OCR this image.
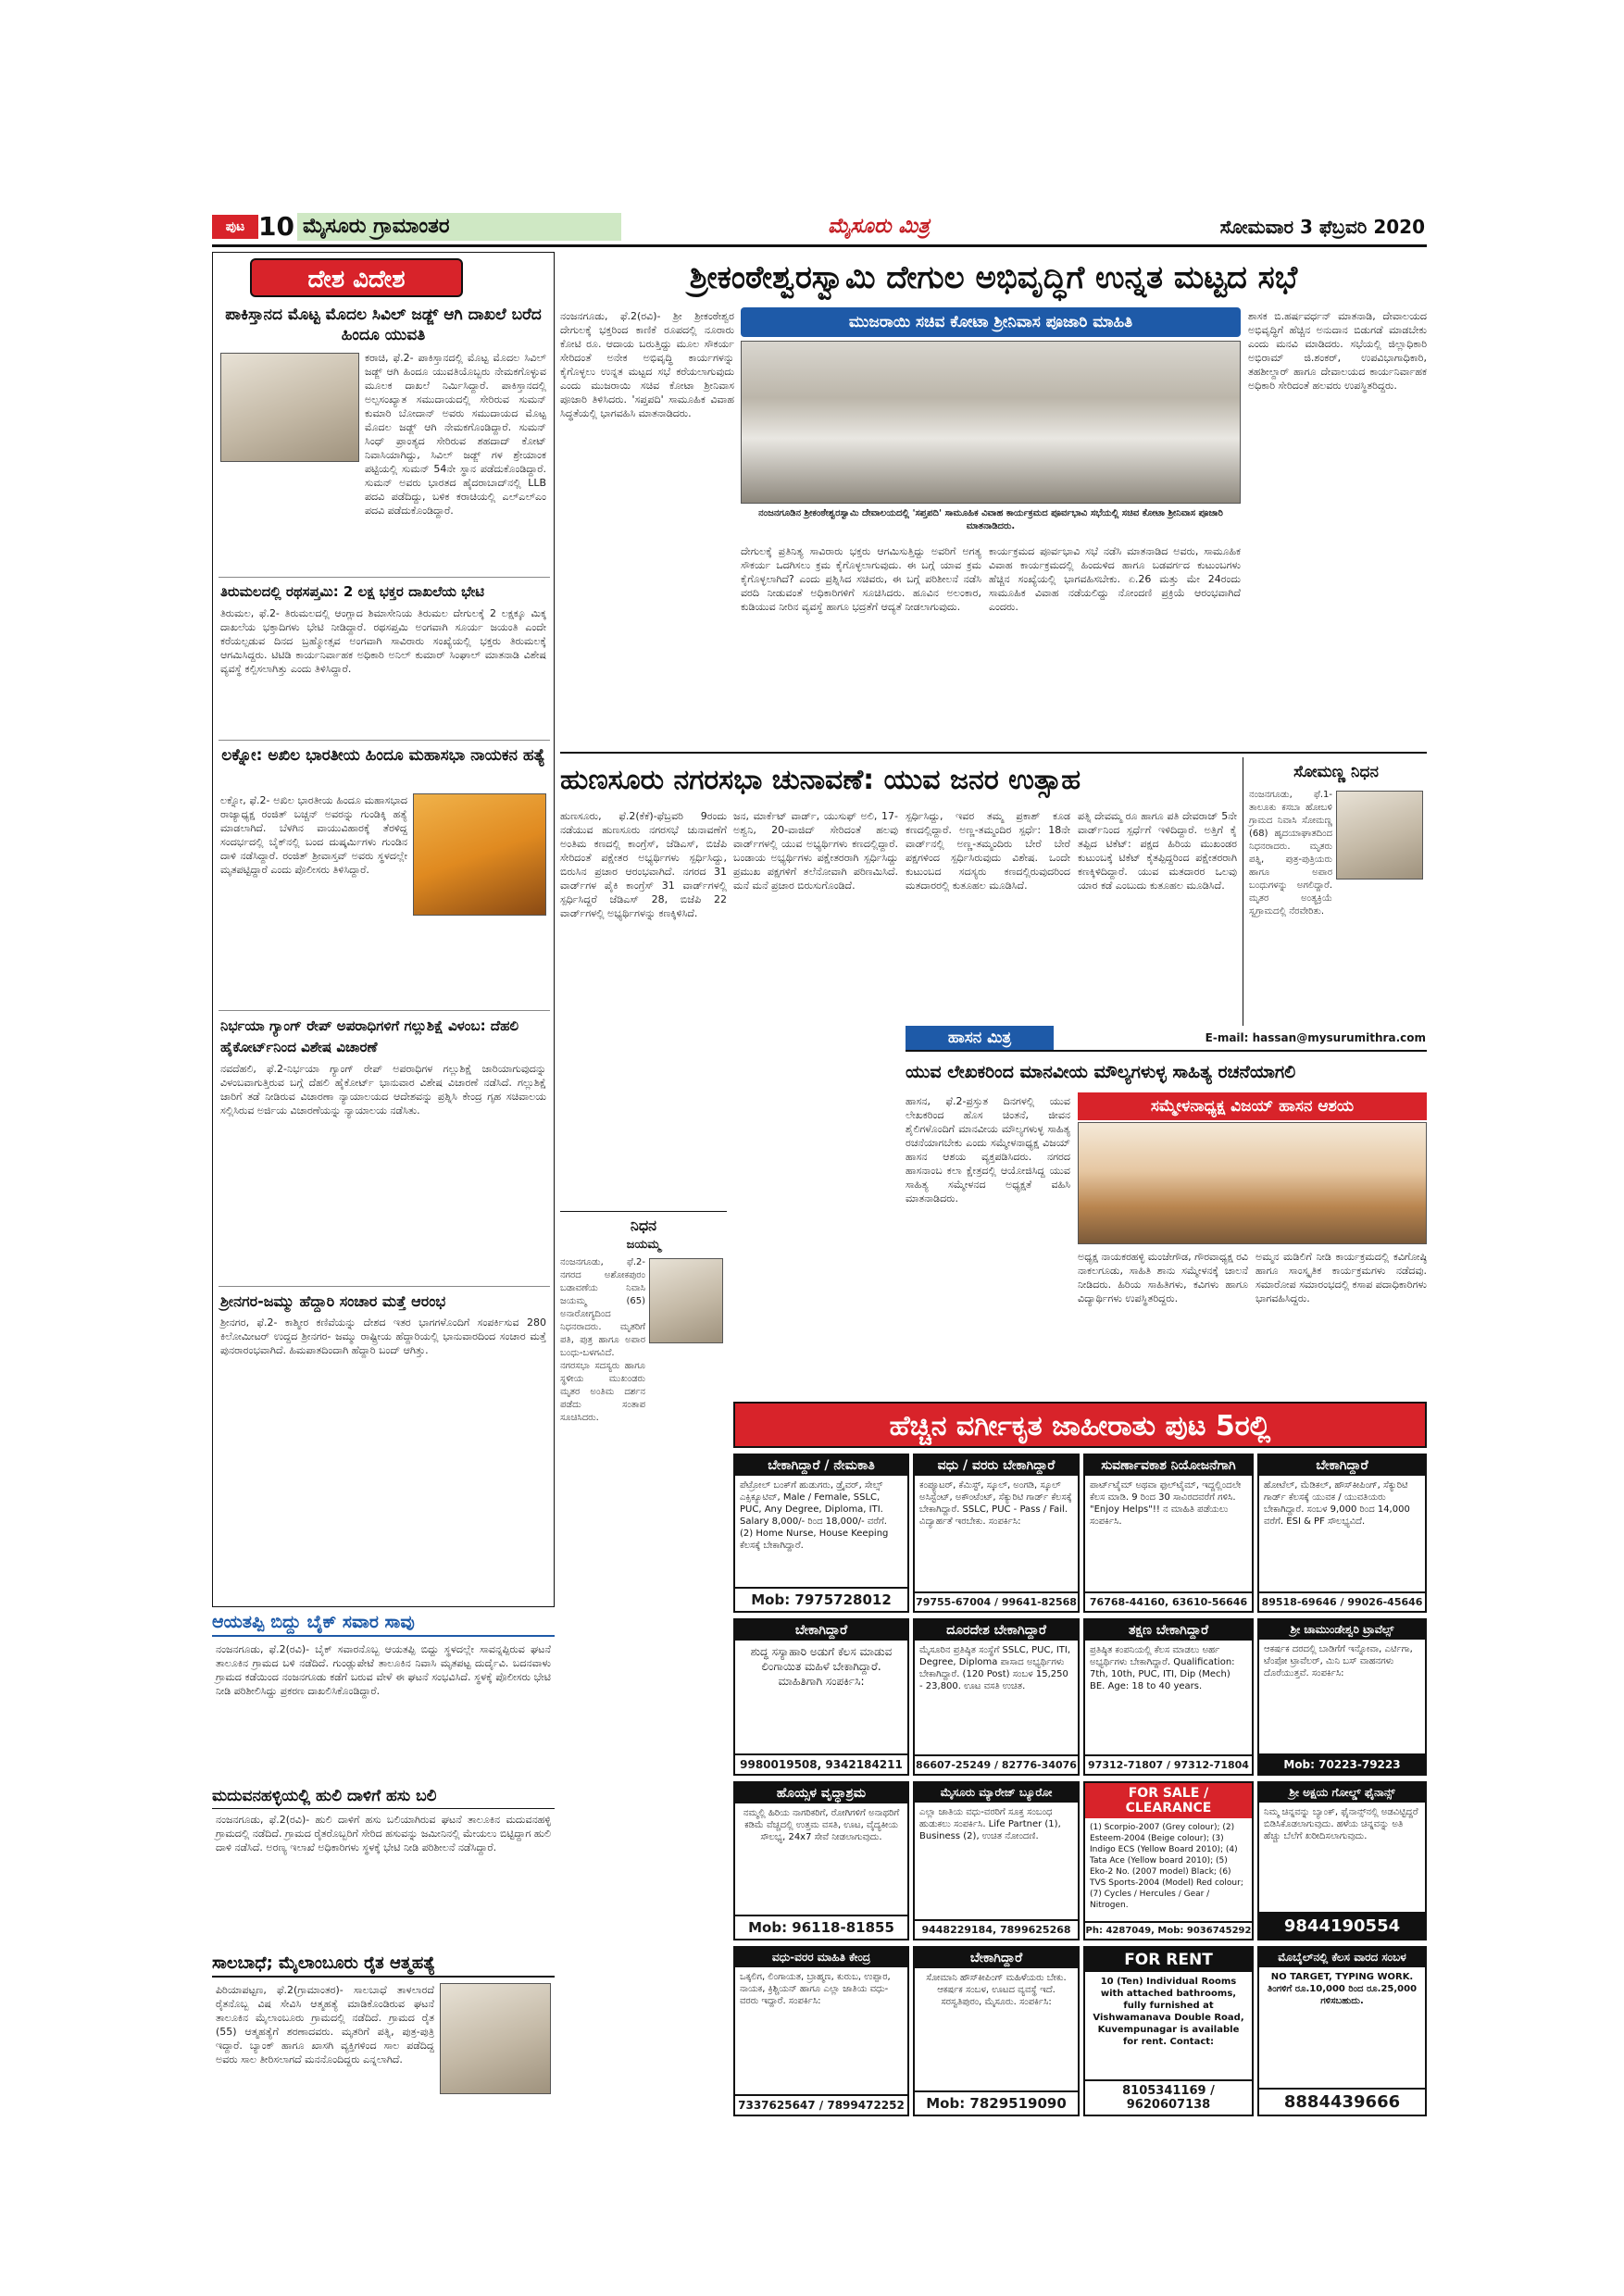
ಪುಟ 10 ಮೈಸೂರು ಗ್ರಾಮಾಂತರ	ಮೈಸೂರು ಮಿತ್ರ	ಸೋಮವಾರ 3 ಫೆಬ್ರವರಿ 2020
ದೇಶ ವಿದೇಶ
ಪಾಕಿಸ್ತಾನದ ಮೊಟ್ಟ ಮೊದಲ ಸಿವಿಲ್ ಜಡ್ಜ್ ಆಗಿ ದಾಖಲೆ ಬರೆದ ಹಿಂದೂ ಯುವತಿ
ಕರಾಚಿ, ಫೆ.2- ಪಾಕಿಸ್ತಾನದಲ್ಲಿ ಮೊಟ್ಟ ಮೊದಲ ಸಿವಿಲ್ ಜಡ್ಜ್ ಆಗಿ ಹಿಂದೂ ಯುವತಿಯೊಬ್ಬರು ನೇಮಕಗೊಳ್ಳುವ ಮೂಲಕ ದಾಖಲೆ ನಿರ್ಮಿಸಿದ್ದಾರೆ. ಪಾಕಿಸ್ತಾನದಲ್ಲಿ ಅಲ್ಪಸಂಖ್ಯಾತ ಸಮುದಾಯದಲ್ಲಿ ಸೇರಿರುವ ಸುಮನ್ ಕುಮಾರಿ ಬೋದಾನ್ ಅವರು ಸಮುದಾಯದ ಮೊಟ್ಟ ಮೊದಲ ಜಡ್ಜ್ ಆಗಿ ನೇಮಕಗೊಂಡಿದ್ದಾರೆ. ಸುಮನ್ ಸಿಂಧ್ ಪ್ರಾಂತ್ಯದ ಸೇರಿರುವ ಶಹದಾದ್ ಕೋಟ್ ನಿವಾಸಿಯಾಗಿದ್ದು, ಸಿವಿಲ್ ಜಡ್ಜ್ ಗಳ ಶ್ರೇಯಾಂಕ ಪಟ್ಟಿಯಲ್ಲಿ ಸುಮನ್ 54ನೇ ಸ್ಥಾನ ಪಡೆದುಕೊಂಡಿದ್ದಾರೆ. ಸುಮನ್ ಅವರು ಭಾರತದ ಹೈದರಾಬಾದ್‌ನಲ್ಲಿ LLB ಪದವಿ ಪಡೆದಿದ್ದು, ಬಳಿಕ ಕರಾಚಿಯಲ್ಲಿ ಎಲ್ಎಲ್ಎಂ ಪದವಿ ಪಡೆದುಕೊಂಡಿದ್ದಾರೆ.
ತಿರುಮಲದಲ್ಲಿ ರಥಸಪ್ತಮಿ: 2 ಲಕ್ಷ ಭಕ್ತರ ದಾಖಲೆಯ ಭೇಟಿ
ತಿರುಮಲ, ಫೆ.2- ತಿರುಮಲದಲ್ಲಿ ಆಂಗ್ಲಾದ ಶಿಮಾಸೇನಿಯ ತಿರುಮಲ ದೇಗುಲಕ್ಕೆ 2 ಲಕ್ಷಕ್ಕೂ ಮಿಕ್ಕ ದಾಖಲೆಯ ಭಕ್ತಾದಿಗಳು ಭೇಟಿ ನೀಡಿದ್ದಾರೆ. ರಥಸಪ್ತಮಿ ಅಂಗವಾಗಿ ಸೂರ್ಯ ಜಯಂತಿ ಎಂದೇ ಕರೆಯಲ್ಪಡುವ ದಿನದ ಬ್ರಹ್ಮೋತ್ಸವ ಅಂಗವಾಗಿ ಸಾವಿರಾರು ಸಂಖ್ಯೆಯಲ್ಲಿ ಭಕ್ತರು ತಿರುಮಲಕ್ಕೆ ಆಗಮಿಸಿದ್ದರು. ಟಿಟಿಡಿ ಕಾರ್ಯನಿರ್ವಾಹಕ ಅಧಿಕಾರಿ ಅನಿಲ್ ಕುಮಾರ್ ಸಿಂಘಾಲ್ ಮಾತನಾಡಿ ವಿಶೇಷ ವ್ಯವಸ್ಥೆ ಕಲ್ಪಿಸಲಾಗಿತ್ತು ಎಂದು ತಿಳಿಸಿದ್ದಾರೆ.
ಲಕ್ನೋ: ಅಖಿಲ ಭಾರತೀಯ ಹಿಂದೂ ಮಹಾಸಭಾ ನಾಯಕನ ಹತ್ಯೆ
ಲಕ್ನೋ, ಫೆ.2- ಅಖಿಲ ಭಾರತೀಯ ಹಿಂದೂ ಮಹಾಸಭಾದ ರಾಜ್ಯಾಧ್ಯಕ್ಷ ರಂಜಿತ್ ಬಚ್ಚನ್ ಅವರನ್ನು ಗುಂಡಿಕ್ಕಿ ಹತ್ಯೆ ಮಾಡಲಾಗಿದೆ. ಬೆಳಗಿನ ವಾಯುವಿಹಾರಕ್ಕೆ ತೆರಳಿದ್ದ ಸಂದರ್ಭದಲ್ಲಿ ಬೈಕ್‌ನಲ್ಲಿ ಬಂದ ದುಷ್ಕರ್ಮಿಗಳು ಗುಂಡಿನ ದಾಳಿ ನಡೆಸಿದ್ದಾರೆ. ರಂಜಿತ್ ಶ್ರೀವಾಸ್ತವ್ ಅವರು ಸ್ಥಳದಲ್ಲೇ ಮೃತಪಟ್ಟಿದ್ದಾರೆ ಎಂದು ಪೊಲೀಸರು ತಿಳಿಸಿದ್ದಾರೆ.
ನಿರ್ಭಯಾ ಗ್ಯಾಂಗ್ ರೇಪ್ ಅಪರಾಧಿಗಳಿಗೆ ಗಲ್ಲುಶಿಕ್ಷೆ ವಿಳಂಬ: ದೆಹಲಿ ಹೈಕೋರ್ಟ್‌ನಿಂದ ವಿಶೇಷ ವಿಚಾರಣೆ
ನವದೆಹಲಿ, ಫೆ.2-ನಿರ್ಭಯಾ ಗ್ಯಾಂಗ್ ರೇಪ್ ಅಪರಾಧಿಗಳ ಗಲ್ಲುಶಿಕ್ಷೆ ಜಾರಿಯಾಗುವುದನ್ನು ವಿಳಂಬವಾಗುತ್ತಿರುವ ಬಗ್ಗೆ ದೆಹಲಿ ಹೈಕೋರ್ಟ್ ಭಾನುವಾರ ವಿಶೇಷ ವಿಚಾರಣೆ ನಡೆಸಿದೆ. ಗಲ್ಲುಶಿಕ್ಷೆ ಜಾರಿಗೆ ತಡೆ ನೀಡಿರುವ ವಿಚಾರಣಾ ನ್ಯಾಯಾಲಯದ ಆದೇಶವನ್ನು ಪ್ರಶ್ನಿಸಿ ಕೇಂದ್ರ ಗೃಹ ಸಚಿವಾಲಯ ಸಲ್ಲಿಸಿರುವ ಅರ್ಜಿಯ ವಿಚಾರಣೆಯನ್ನು ನ್ಯಾಯಾಲಯ ನಡೆಸಿತು.
ಶ್ರೀನಗರ-ಜಮ್ಮು ಹೆದ್ದಾರಿ ಸಂಚಾರ ಮತ್ತೆ ಆರಂಭ
ಶ್ರೀನಗರ, ಫೆ.2- ಕಾಶ್ಮೀರ ಕಣಿವೆಯನ್ನು ದೇಶದ ಇತರ ಭಾಗಗಳೊಂದಿಗೆ ಸಂಪರ್ಕಿಸುವ 280 ಕಿಲೋಮೀಟರ್ ಉದ್ದದ ಶ್ರೀನಗರ- ಜಮ್ಮು ರಾಷ್ಟ್ರೀಯ ಹೆದ್ದಾರಿಯಲ್ಲಿ ಭಾನುವಾರದಿಂದ ಸಂಚಾರ ಮತ್ತೆ ಪುನರಾರಂಭವಾಗಿದೆ. ಹಿಮಪಾತದಿಂದಾಗಿ ಹೆದ್ದಾರಿ ಬಂದ್ ಆಗಿತ್ತು.
ಆಯತಪ್ಪಿ ಬಿದ್ದು ಬೈಕ್ ಸವಾರ ಸಾವು
ನಂಜನಗೂಡು, ಫೆ.2(ರವಿ)- ಬೈಕ್ ಸವಾರನೊಬ್ಬ ಆಯತಪ್ಪಿ ಬಿದ್ದು ಸ್ಥಳದಲ್ಲೇ ಸಾವನ್ನಪ್ಪಿರುವ ಘಟನೆ ತಾಲೂಕಿನ ಗ್ರಾಮದ ಬಳಿ ನಡೆದಿದೆ. ಗುಂಡ್ಲುಪೇಟೆ ತಾಲೂಕಿನ ನಿವಾಸಿ ಮೃತಪಟ್ಟ ದುರ್ದೈವಿ. ಬದನವಾಳು ಗ್ರಾಮದ ಕಡೆಯಿಂದ ನಂಜನಗೂಡು ಕಡೆಗೆ ಬರುವ ವೇಳೆ ಈ ಘಟನೆ ಸಂಭವಿಸಿದೆ. ಸ್ಥಳಕ್ಕೆ ಪೊಲೀಸರು ಭೇಟಿ ನೀಡಿ ಪರಿಶೀಲಿಸಿದ್ದು ಪ್ರಕರಣ ದಾಖಲಿಸಿಕೊಂಡಿದ್ದಾರೆ.
ಮದುವನಹಳ್ಳಿಯಲ್ಲಿ ಹುಲಿ ದಾಳಿಗೆ ಹಸು ಬಲಿ
ನಂಜನಗೂಡು, ಫೆ.2(ರವಿ)- ಹುಲಿ ದಾಳಿಗೆ ಹಸು ಬಲಿಯಾಗಿರುವ ಘಟನೆ ತಾಲೂಕಿನ ಮದುವನಹಳ್ಳಿ ಗ್ರಾಮದಲ್ಲಿ ನಡೆದಿದೆ. ಗ್ರಾಮದ ರೈತರೊಬ್ಬರಿಗೆ ಸೇರಿದ ಹಸುವನ್ನು ಜಮೀನಿನಲ್ಲಿ ಮೇಯಲು ಬಿಟ್ಟಿದ್ದಾಗ ಹುಲಿ ದಾಳಿ ನಡೆಸಿದೆ. ಅರಣ್ಯ ಇಲಾಖೆ ಅಧಿಕಾರಿಗಳು ಸ್ಥಳಕ್ಕೆ ಭೇಟಿ ನೀಡಿ ಪರಿಶೀಲನೆ ನಡೆಸಿದ್ದಾರೆ.
ಸಾಲಬಾಧೆ; ಮೈಲಾಂಬೂರು ರೈತ ಆತ್ಮಹತ್ಯೆ
ಪಿರಿಯಾಪಟ್ಟಣ, ಫೆ.2(ಗ್ರಾಮಾಂತರ)- ಸಾಲಬಾಧೆ ತಾಳಲಾರದೆ ರೈತನೊಬ್ಬ ವಿಷ ಸೇವಿಸಿ ಆತ್ಮಹತ್ಯೆ ಮಾಡಿಕೊಂಡಿರುವ ಘಟನೆ ತಾಲೂಕಿನ ಮೈಲಾಂಬೂರು ಗ್ರಾಮದಲ್ಲಿ ನಡೆದಿದೆ. ಗ್ರಾಮದ ರೈತ (55) ಆತ್ಮಹತ್ಯೆಗೆ ಶರಣಾದವರು. ಮೃತರಿಗೆ ಪತ್ನಿ, ಪುತ್ರ-ಪುತ್ರಿ ಇದ್ದಾರೆ. ಬ್ಯಾಂಕ್ ಹಾಗೂ ಖಾಸಗಿ ವ್ಯಕ್ತಿಗಳಿಂದ ಸಾಲ ಪಡೆದಿದ್ದ ಅವರು ಸಾಲ ತೀರಿಸಲಾಗದೆ ಮನನೊಂದಿದ್ದರು ಎನ್ನಲಾಗಿದೆ.
ಶ್ರೀಕಂಠೇಶ್ವರಸ್ವಾಮಿ ದೇಗುಲ ಅಭಿವೃದ್ಧಿಗೆ ಉನ್ನತ ಮಟ್ಟದ ಸಭೆ
ಮುಜರಾಯಿ ಸಚಿವ ಕೋಟಾ ಶ್ರೀನಿವಾಸ ಪೂಜಾರಿ ಮಾಹಿತಿ
ನಂಜನಗೂಡಿನ ಶ್ರೀಕಂಠೇಶ್ವರಸ್ವಾಮಿ ದೇವಾಲಯದಲ್ಲಿ 'ಸಪ್ತಪದಿ' ಸಾಮೂಹಿಕ ವಿವಾಹ ಕಾರ್ಯಕ್ರಮದ ಪೂರ್ವಭಾವಿ ಸಭೆಯಲ್ಲಿ ಸಚಿವ ಕೋಟಾ ಶ್ರೀನಿವಾಸ ಪೂಜಾರಿ ಮಾತನಾಡಿದರು.
ನಂಜನಗೂಡು, ಫೆ.2(ರವಿ)- ಶ್ರೀ ಶ್ರೀಕಂಠೇಶ್ವರ ದೇಗುಲಕ್ಕೆ ಭಕ್ತರಿಂದ ಕಾಣಿಕೆ ರೂಪದಲ್ಲಿ ನೂರಾರು ಕೋಟಿ ರೂ. ಆದಾಯ ಬರುತ್ತಿದ್ದು ಮೂಲ ಸೌಕರ್ಯ ಸೇರಿದಂತೆ ಅನೇಕ ಅಭಿವೃದ್ಧಿ ಕಾರ್ಯಗಳನ್ನು ಕೈಗೊಳ್ಳಲು ಉನ್ನತ ಮಟ್ಟದ ಸಭೆ ಕರೆಯಲಾಗುವುದು ಎಂದು ಮುಜರಾಯಿ ಸಚಿವ ಕೋಟಾ ಶ್ರೀನಿವಾಸ ಪೂಜಾರಿ ತಿಳಿಸಿದರು. 'ಸಪ್ತಪದಿ' ಸಾಮೂಹಿಕ ವಿವಾಹ ಸಿದ್ಧತೆಯಲ್ಲಿ ಭಾಗವಹಿಸಿ ಮಾತನಾಡಿದರು.
ದೇಗುಲಕ್ಕೆ ಪ್ರತಿನಿತ್ಯ ಸಾವಿರಾರು ಭಕ್ತರು ಆಗಮಿಸುತ್ತಿದ್ದು ಅವರಿಗೆ ಅಗತ್ಯ ಸೌಕರ್ಯ ಒದಗಿಸಲು ಕ್ರಮ ಕೈಗೊಳ್ಳಲಾಗುವುದು. ಈ ಬಗ್ಗೆ ಯಾವ ಕ್ರಮ ಕೈಗೊಳ್ಳಲಾಗಿದೆ? ಎಂದು ಪ್ರಶ್ನಿಸಿದ ಸಚಿವರು, ಈ ಬಗ್ಗೆ ಪರಿಶೀಲನೆ ನಡೆಸಿ ವರದಿ ನೀಡುವಂತೆ ಅಧಿಕಾರಿಗಳಿಗೆ ಸೂಚಿಸಿದರು. ಹೂವಿನ ಅಲಂಕಾರ, ಕುಡಿಯುವ ನೀರಿನ ವ್ಯವಸ್ಥೆ ಹಾಗೂ ಭದ್ರತೆಗೆ ಆದ್ಯತೆ ನೀಡಲಾಗುವುದು.
ಕಾರ್ಯಕ್ರಮದ ಪೂರ್ವಭಾವಿ ಸಭೆ ನಡೆಸಿ ಮಾತನಾಡಿದ ಅವರು, ಸಾಮೂಹಿಕ ವಿವಾಹ ಕಾರ್ಯಕ್ರಮದಲ್ಲಿ ಹಿಂದುಳಿದ ಹಾಗೂ ಬಡವರ್ಗದ ಕುಟುಂಬಗಳು ಹೆಚ್ಚಿನ ಸಂಖ್ಯೆಯಲ್ಲಿ ಭಾಗವಹಿಸಬೇಕು. ಏ.26 ಮತ್ತು ಮೇ 24ರಂದು ಸಾಮೂಹಿಕ ವಿವಾಹ ನಡೆಯಲಿದ್ದು ನೋಂದಣಿ ಪ್ರಕ್ರಿಯೆ ಆರಂಭವಾಗಿದೆ ಎಂದರು.
ಶಾಸಕ ಬಿ.ಹರ್ಷವರ್ಧನ್ ಮಾತನಾಡಿ, ದೇವಾಲಯದ ಅಭಿವೃದ್ಧಿಗೆ ಹೆಚ್ಚಿನ ಅನುದಾನ ಬಿಡುಗಡೆ ಮಾಡಬೇಕು ಎಂದು ಮನವಿ ಮಾಡಿದರು. ಸಭೆಯಲ್ಲಿ ಜಿಲ್ಲಾಧಿಕಾರಿ ಅಭಿರಾಮ್ ಜಿ.ಶಂಕರ್, ಉಪವಿಭಾಗಾಧಿಕಾರಿ, ತಹಶೀಲ್ದಾರ್ ಹಾಗೂ ದೇವಾಲಯದ ಕಾರ್ಯನಿರ್ವಾಹಕ ಅಧಿಕಾರಿ ಸೇರಿದಂತೆ ಹಲವರು ಉಪಸ್ಥಿತರಿದ್ದರು.
ಹುಣಸೂರು ನಗರಸಭಾ ಚುನಾವಣೆ: ಯುವ ಜನರ ಉತ್ಸಾಹ
ಹುಣಸೂರು, ಫೆ.2(ಕೆಕೆ)-ಫೆಬ್ರವರಿ 9ರಂದು ನಡೆಯುವ ಹುಣಸೂರು ನಗರಸಭೆ ಚುನಾವಣೆಗೆ ಅಂತಿಮ ಕಣದಲ್ಲಿ ಕಾಂಗ್ರೆಸ್, ಜೆಡಿಎಸ್, ಬಿಜೆಪಿ ಸೇರಿದಂತೆ ಪಕ್ಷೇತರ ಅಭ್ಯರ್ಥಿಗಳು ಸ್ಪರ್ಧಿಸಿದ್ದು, ಬಿರುಸಿನ ಪ್ರಚಾರ ಆರಂಭವಾಗಿದೆ. ನಗರದ 31 ವಾರ್ಡ್‌ಗಳ ಪೈಕಿ ಕಾಂಗ್ರೆಸ್ 31 ವಾರ್ಡ್‌ಗಳಲ್ಲಿ ಸ್ಪರ್ಧಿಸಿದ್ದರೆ ಜೆಡಿಎಸ್ 28, ಬಿಜೆಪಿ 22 ವಾರ್ಡ್‌ಗಳಲ್ಲಿ ಅಭ್ಯರ್ಥಿಗಳನ್ನು ಕಣಕ್ಕಿಳಿಸಿದೆ.
ಜನ, ಮಾರ್ಕೆಟ್ ವಾರ್ಡ್, ಯುಸುಫ್ ಅಲಿ, 17-ಅಶ್ವನಿ, 20-ವಾಜಿದ್ ಸೇರಿದಂತೆ ಹಲವು ವಾರ್ಡ್‌ಗಳಲ್ಲಿ ಯುವ ಅಭ್ಯರ್ಥಿಗಳು ಕಣದಲ್ಲಿದ್ದಾರೆ. ಬಂಡಾಯ ಅಭ್ಯರ್ಥಿಗಳು ಪಕ್ಷೇತರರಾಗಿ ಸ್ಪರ್ಧಿಸಿದ್ದು ಪ್ರಮುಖ ಪಕ್ಷಗಳಿಗೆ ತಲೆನೋವಾಗಿ ಪರಿಣಮಿಸಿದೆ. ಮನೆ ಮನೆ ಪ್ರಚಾರ ಬಿರುಸುಗೊಂಡಿದೆ.
ಸ್ಪರ್ಧಿಸಿದ್ದು, ಇವರ ತಮ್ಮ ಪ್ರಕಾಶ್ ಕೂಡ ಕಣದಲ್ಲಿದ್ದಾರೆ. ಅಣ್ಣ-ತಮ್ಮಂದಿರ ಸ್ಪರ್ಧೆ: 18ನೇ ವಾರ್ಡ್‌ನಲ್ಲಿ ಅಣ್ಣ-ತಮ್ಮಂದಿರು ಬೇರೆ ಬೇರೆ ಪಕ್ಷಗಳಿಂದ ಸ್ಪರ್ಧಿಸಿರುವುದು ವಿಶೇಷ. ಒಂದೇ ಕುಟುಂಬದ ಸದಸ್ಯರು ಕಣದಲ್ಲಿರುವುದರಿಂದ ಮತದಾರರಲ್ಲಿ ಕುತೂಹಲ ಮೂಡಿಸಿದೆ.
ಪತ್ನಿ ದೇವಮ್ಮ ರೂ ಹಾಗೂ ಪತಿ ದೇವರಾಜ್ 5ನೇ ವಾರ್ಡ್‌ನಿಂದ ಸ್ಪರ್ಧೆಗೆ ಇಳಿದಿದ್ದಾರೆ. ಅತ್ತಿಗೆ ಕೈ ತಪ್ಪಿದ ಟಿಕೆಟ್: ಪಕ್ಷದ ಹಿರಿಯ ಮುಖಂಡರ ಕುಟುಂಬಕ್ಕೆ ಟಿಕೆಟ್ ಕೈತಪ್ಪಿದ್ದರಿಂದ ಪಕ್ಷೇತರರಾಗಿ ಕಣಕ್ಕಿಳಿದಿದ್ದಾರೆ. ಯುವ ಮತದಾರರ ಒಲವು ಯಾರ ಕಡೆ ಎಂಬುದು ಕುತೂಹಲ ಮೂಡಿಸಿದೆ.
ಸೋಮಣ್ಣ ನಿಧನ
ನಂಜನಗೂಡು, ಫೆ.1-ತಾಲೂಕು ಕಸಬಾ ಹೋಬಳಿ ಗ್ರಾಮದ ನಿವಾಸಿ ಸೋಮಣ್ಣ (68) ಹೃದಯಾಘಾತದಿಂದ ನಿಧನರಾದರು. ಮೃತರು ಪತ್ನಿ, ಪುತ್ರ-ಪುತ್ರಿಯರು ಹಾಗೂ ಅಪಾರ ಬಂಧುಗಳನ್ನು ಅಗಲಿದ್ದಾರೆ. ಮೃತರ ಅಂತ್ಯಕ್ರಿಯೆ ಸ್ವಗ್ರಾಮದಲ್ಲಿ ನೆರವೇರಿತು.
ಹಾಸನ ಮಿತ್ರ	E-mail: hassan@mysurumithra.com
ಯುವ ಲೇಖಕರಿಂದ ಮಾನವೀಯ ಮೌಲ್ಯಗಳುಳ್ಳ ಸಾಹಿತ್ಯ ರಚನೆಯಾಗಲಿ
ಹಾಸನ, ಫೆ.2-ಪ್ರಸ್ತುತ ದಿನಗಳಲ್ಲಿ ಯುವ ಲೇಖಕರಿಂದ ಹೊಸ ಚಿಂತನೆ, ಜೀವನ ಶೈಲಿಗಳೊಂದಿಗೆ ಮಾನವೀಯ ಮೌಲ್ಯಗಳುಳ್ಳ ಸಾಹಿತ್ಯ ರಚನೆಯಾಗಬೇಕು ಎಂದು ಸಮ್ಮೇಳನಾಧ್ಯಕ್ಷ ವಿಜಯ್ ಹಾಸನ ಆಶಯ ವ್ಯಕ್ತಪಡಿಸಿದರು. ನಗರದ ಹಾಸನಾಂಬ ಕಲಾ ಕ್ಷೇತ್ರದಲ್ಲಿ ಆಯೋಜಿಸಿದ್ದ ಯುವ ಸಾಹಿತ್ಯ ಸಮ್ಮೇಳನದ ಅಧ್ಯಕ್ಷತೆ ವಹಿಸಿ ಮಾತನಾಡಿದರು.
ಸಮ್ಮೇಳನಾಧ್ಯಕ್ಷ ವಿಜಯ್ ಹಾಸನ ಆಶಯ
ಅಧ್ಯಕ್ಷ ನಾಯಕರಹಳ್ಳಿ ಮಂಜೇಗೌಡ, ಗೌರವಾಧ್ಯಕ್ಷ ರವಿ ನಾಕಲಗೂಡು, ಸಾಹಿತಿ ಶಾನು ಸಮ್ಮೇಳನಕ್ಕೆ ಚಾಲನೆ ನೀಡಿದರು. ಹಿರಿಯ ಸಾಹಿತಿಗಳು, ಕವಿಗಳು ಹಾಗೂ ವಿದ್ಯಾರ್ಥಿಗಳು ಉಪಸ್ಥಿತರಿದ್ದರು.
ಅಮ್ಮನ ಮಡಿಲಿಗೆ ನೀಡಿ ಕಾರ್ಯಕ್ರಮದಲ್ಲಿ ಕವಿಗೋಷ್ಠಿ ಹಾಗೂ ಸಾಂಸ್ಕೃತಿಕ ಕಾರ್ಯಕ್ರಮಗಳು ನಡೆದವು. ಸಮಾರೋಪ ಸಮಾರಂಭದಲ್ಲಿ ಕಸಾಪ ಪದಾಧಿಕಾರಿಗಳು ಭಾಗವಹಿಸಿದ್ದರು.
ನಿಧನ
ಜಯಮ್ಮ
ನಂಜನಗೂಡು, ಫೆ.2-ನಗರದ ಅಶೋಕಪುರಂ ಬಡಾವಣೆಯ ನಿವಾಸಿ ಜಯಮ್ಮ (65) ಅನಾರೋಗ್ಯದಿಂದ ನಿಧನರಾದರು. ಮೃತರಿಗೆ ಪತಿ, ಪುತ್ರ ಹಾಗೂ ಅಪಾರ ಬಂಧು-ಬಳಗವಿದೆ. ನಗರಸಭಾ ಸದಸ್ಯರು ಹಾಗೂ ಸ್ಥಳೀಯ ಮುಖಂಡರು ಮೃತರ ಅಂತಿಮ ದರ್ಶನ ಪಡೆದು ಸಂತಾಪ ಸೂಚಿಸಿದರು.	ಹೆಚ್ಚಿನ ವರ್ಗೀಕೃತ ಜಾಹೀರಾತು ಪುಟ 5ರಲ್ಲಿ
ಬೇಕಾಗಿದ್ದಾರೆ / ನೇಮಕಾತಿ
ಪೆಟ್ರೋಲ್ ಬಂಕ್‌ಗೆ ಹುಡುಗರು, ಡ್ರೈವರ್, ಸೇಲ್ಸ್ ಎಕ್ಸಿಕ್ಯೂಟಿವ್, Male / Female, SSLC, PUC, Any Degree, Diploma, ITI. Salary 8,000/- ರಿಂದ 18,000/- ವರೆಗೆ. (2) Home Nurse, House Keeping ಕೆಲಸಕ್ಕೆ ಬೇಕಾಗಿದ್ದಾರೆ.
Mob: 7975728012
ವಧು / ವರರು ಬೇಕಾಗಿದ್ದಾರೆ
ಕಂಪ್ಯೂಟರ್, ಕೆಮಿಸ್ಟ್, ಸ್ಕೂಲ್, ಅಂಗಡಿ, ಸ್ಕೂಲ್ ಅಸಿಸ್ಟೆಂಟ್, ಅಕೌಂಟೆಂಟ್, ಸೆಕ್ಯುರಿಟಿ ಗಾರ್ಡ್ ಕೆಲಸಕ್ಕೆ ಬೇಕಾಗಿದ್ದಾರೆ. SSLC, PUC - Pass / Fail. ವಿದ್ಯಾರ್ಹತೆ ಇರಬೇಕು. ಸಂಪರ್ಕಿಸಿ:
79755-67004 / 99641-82568
ಸುವರ್ಣಾವಕಾಶ ನಿಯೋಜನೆಗಾಗಿ
ಪಾರ್ಟ್‌ಟೈಮ್ ಅಥವಾ ಫುಲ್‌ಟೈಮ್, ಇದ್ದಲ್ಲಿಂದಲೇ ಕೆಲಸ ಮಾಡಿ. 9 ರಿಂದ 30 ಸಾವಿರದವರೆಗೆ ಗಳಿಸಿ. "Enjoy Helps"!! ನ ಮಾಹಿತಿ ಪಡೆಯಲು ಸಂಪರ್ಕಿಸಿ.
76768-44160, 63610-56646
ಬೇಕಾಗಿದ್ದಾರೆ
ಹೋಟೆಲ್, ಮೆಡಿಕಲ್, ಹೌಸ್‌ಕೀಪಿಂಗ್, ಸೆಕ್ಯುರಿಟಿ ಗಾರ್ಡ್ ಕೆಲಸಕ್ಕೆ ಯುವಕ / ಯುವತಿಯರು ಬೇಕಾಗಿದ್ದಾರೆ. ಸಂಬಳ 9,000 ರಿಂದ 14,000 ವರೆಗೆ. ESI & PF ಸೌಲಭ್ಯವಿದೆ.
89518-69646 / 99026-45646
ಬೇಕಾಗಿದ್ದಾರೆ
ಶುದ್ಧ ಸಸ್ಯಾಹಾರಿ ಅಡುಗೆ ಕೆಲಸ ಮಾಡುವ ಲಿಂಗಾಯಿತ ಮಹಿಳೆ ಬೇಕಾಗಿದ್ದಾರೆ. ಮಾಹಿತಿಗಾಗಿ ಸಂಪರ್ಕಿಸಿ:
9980019508, 9342184211
ದೂರದೇಶ ಬೇಕಾಗಿದ್ದಾರೆ
ಮೈಸೂರಿನ ಪ್ರತಿಷ್ಠಿತ ಸಂಸ್ಥೆಗೆ SSLC, PUC, ITI, Degree, Diploma ಪಾಸಾದ ಅಭ್ಯರ್ಥಿಗಳು ಬೇಕಾಗಿದ್ದಾರೆ. (120 Post) ಸಂಬಳ 15,250 - 23,800. ಊಟ ವಸತಿ ಉಚಿತ.
86607-25249 / 82776-34076
ತಕ್ಷಣ ಬೇಕಾಗಿದ್ದಾರೆ
ಪ್ರತಿಷ್ಠಿತ ಕಂಪನಿಯಲ್ಲಿ ಕೆಲಸ ಮಾಡಲು ಅರ್ಹ ಅಭ್ಯರ್ಥಿಗಳು ಬೇಕಾಗಿದ್ದಾರೆ. Qualification: 7th, 10th, PUC, ITI, Dip (Mech) BE. Age: 18 to 40 years.
97312-71807 / 97312-71804
ಶ್ರೀ ಚಾಮುಂಡೇಶ್ವರಿ ಟ್ರಾವೆಲ್ಸ್
ಆಕರ್ಷಕ ದರದಲ್ಲಿ ಬಾಡಿಗೆಗೆ ಇನ್ನೋವಾ, ಎರ್ಟಿಗಾ, ಟೆಂಪೋ ಟ್ರಾವೆಲರ್, ಮಿನಿ ಬಸ್ ವಾಹನಗಳು ದೊರೆಯುತ್ತವೆ. ಸಂಪರ್ಕಿಸಿ:
Mob: 70223-79223
ಹೊಯ್ಸಳ ವೃದ್ಧಾಶ್ರಮ
ನಮ್ಮಲ್ಲಿ ಹಿರಿಯ ನಾಗರಿಕರಿಗೆ, ರೋಗಿಗಳಿಗೆ ಅನಾಥರಿಗೆ ಕಡಿಮೆ ವೆಚ್ಚದಲ್ಲಿ ಉತ್ತಮ ವಸತಿ, ಊಟ, ವೈದ್ಯಕೀಯ ಸೌಲಭ್ಯ, 24x7 ಸೇವೆ ನೀಡಲಾಗುವುದು.
Mob: 96118-81855
ಮೈಸೂರು ಮ್ಯಾರೇಜ್ ಬ್ಯೂರೋ
ಎಲ್ಲಾ ಜಾತಿಯ ವಧು-ವರರಿಗೆ ಸೂಕ್ತ ಸಂಬಂಧ ಹುಡುಕಲು ಸಂಪರ್ಕಿಸಿ. Life Partner (1), Business (2), ಉಚಿತ ನೋಂದಣಿ.
9448229184, 7899625268
FOR SALE / CLEARANCE
(1) Scorpio-2007 (Grey colour); (2) Esteem-2004 (Beige colour); (3) Indigo ECS (Yellow Board 2010); (4) Tata Ace (Yellow board 2010); (5) Eko-2 No. (2007 model) Black; (6) TVS Sports-2004 (Model) Red colour; (7) Cycles / Hercules / Gear / Nitrogen.
Ph: 4287049, Mob: 9036745292
ಶ್ರೀ ಅಕ್ಷಯ ಗೋಲ್ಡ್ ಫೈನಾನ್ಸ್
ನಿಮ್ಮ ಚಿನ್ನವನ್ನು ಬ್ಯಾಂಕ್, ಫೈನಾನ್ಸ್‌ನಲ್ಲಿ ಅಡವಿಟ್ಟಿದ್ದರೆ ಬಿಡಿಸಿಕೊಡಲಾಗುವುದು. ಹಳೆಯ ಚಿನ್ನವನ್ನು ಅತಿ ಹೆಚ್ಚು ಬೆಲೆಗೆ ಖರೀದಿಸಲಾಗುವುದು.
9844190554
ವಧು-ವರರ ಮಾಹಿತಿ ಕೇಂದ್ರ
ಒಕ್ಕಲಿಗ, ಲಿಂಗಾಯತ, ಬ್ರಾಹ್ಮಣ, ಕುರುಬ, ಉಪ್ಪಾರ, ನಾಯಕ, ಕ್ರಿಶ್ಚಿಯನ್ ಹಾಗೂ ಎಲ್ಲಾ ಜಾತಿಯ ವಧು-ವರರು ಇದ್ದಾರೆ. ಸಂಪರ್ಕಿಸಿ:
7337625647 / 7899472252
ಬೇಕಾಗಿದ್ದಾರೆ
ಸೋಮಾನಿ ಹೌಸ್‌ಕೀಪಿಂಗ್ ಮಹಿಳೆಯರು ಬೇಕು. ಆಕರ್ಷಕ ಸಂಬಳ, ಊಟದ ವ್ಯವಸ್ಥೆ ಇದೆ. ಸರಸ್ವತಿಪುರಂ, ಮೈಸೂರು. ಸಂಪರ್ಕಿಸಿ:
Mob: 7829519090
FOR RENT
10 (Ten) Individual Rooms with attached bathrooms, fully furnished at Vishwamanava Double Road, Kuvempunagar is available for rent. Contact:
8105341169 / 9620607138
ಮೊಬೈಲ್‌ನಲ್ಲಿ ಕೆಲಸ ವಾರದ ಸಂಬಳ
NO TARGET, TYPING WORK. ತಿಂಗಳಿಗೆ ರೂ.10,000 ರಿಂದ ರೂ.25,000 ಗಳಿಸಬಹುದು.
8884439666
